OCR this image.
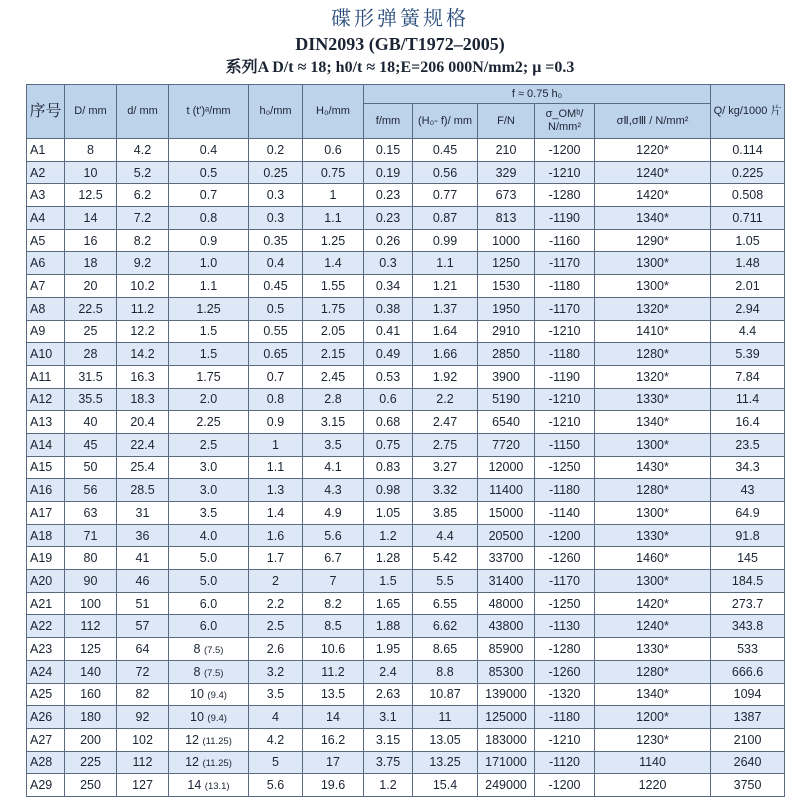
碟形弹簧规格
DIN2093 (GB/T1972–2005)
系列A D/t ≈ 18; h0/t ≈ 18;E=206 000N/mm2; μ =0.3
序号	D/ mm	d/ mm	t (t')ᵃ/mm	h₀/mm	H₀/mm	f ≈ 0.75 h₀					Q/ kg/1000 片
						f/mm	(H₀- f)/ mm	F/N	σ_OMᵇ/ N/mm²	σⅡ,σⅢ / N/mm²	
A1	8	4.2	0.4	0.2	0.6	0.15	0.45	210	-1200	1220*	0.114
A2	10	5.2	0.5	0.25	0.75	0.19	0.56	329	-1210	1240*	0.225
A3	12.5	6.2	0.7	0.3	1	0.23	0.77	673	-1280	1420*	0.508
A4	14	7.2	0.8	0.3	1.1	0.23	0.87	813	-1190	1340*	0.711
A5	16	8.2	0.9	0.35	1.25	0.26	0.99	1000	-1160	1290*	1.05
A6	18	9.2	1.0	0.4	1.4	0.3	1.1	1250	-1170	1300*	1.48
A7	20	10.2	1.1	0.45	1.55	0.34	1.21	1530	-1180	1300*	2.01
A8	22.5	11.2	1.25	0.5	1.75	0.38	1.37	1950	-1170	1320*	2.94
A9	25	12.2	1.5	0.55	2.05	0.41	1.64	2910	-1210	1410*	4.4
A10	28	14.2	1.5	0.65	2.15	0.49	1.66	2850	-1180	1280*	5.39
A11	31.5	16.3	1.75	0.7	2.45	0.53	1.92	3900	-1190	1320*	7.84
A12	35.5	18.3	2.0	0.8	2.8	0.6	2.2	5190	-1210	1330*	11.4
A13	40	20.4	2.25	0.9	3.15	0.68	2.47	6540	-1210	1340*	16.4
A14	45	22.4	2.5	1	3.5	0.75	2.75	7720	-1150	1300*	23.5
A15	50	25.4	3.0	1.1	4.1	0.83	3.27	12000	-1250	1430*	34.3
A16	56	28.5	3.0	1.3	4.3	0.98	3.32	11400	-1180	1280*	43
A17	63	31	3.5	1.4	4.9	1.05	3.85	15000	-1140	1300*	64.9
A18	71	36	4.0	1.6	5.6	1.2	4.4	20500	-1200	1330*	91.8
A19	80	41	5.0	1.7	6.7	1.28	5.42	33700	-1260	1460*	145
A20	90	46	5.0	2	7	1.5	5.5	31400	-1170	1300*	184.5
A21	100	51	6.0	2.2	8.2	1.65	6.55	48000	-1250	1420*	273.7
A22	112	57	6.0	2.5	8.5	1.88	6.62	43800	-1130	1240*	343.8
A23	125	64	8 (7.5)	2.6	10.6	1.95	8.65	85900	-1280	1330*	533
A24	140	72	8 (7.5)	3.2	11.2	2.4	8.8	85300	-1260	1280*	666.6
A25	160	82	10 (9.4)	3.5	13.5	2.63	10.87	139000	-1320	1340*	1094
A26	180	92	10 (9.4)	4	14	3.1	11	125000	-1180	1200*	1387
A27	200	102	12 (11.25)	4.2	16.2	3.15	13.05	183000	-1210	1230*	2100
A28	225	112	12 (11.25)	5	17	3.75	13.25	171000	-1120	1140	2640
A29	250	127	14 (13.1)	5.6	19.6	1.2	15.4	249000	-1200	1220	3750
